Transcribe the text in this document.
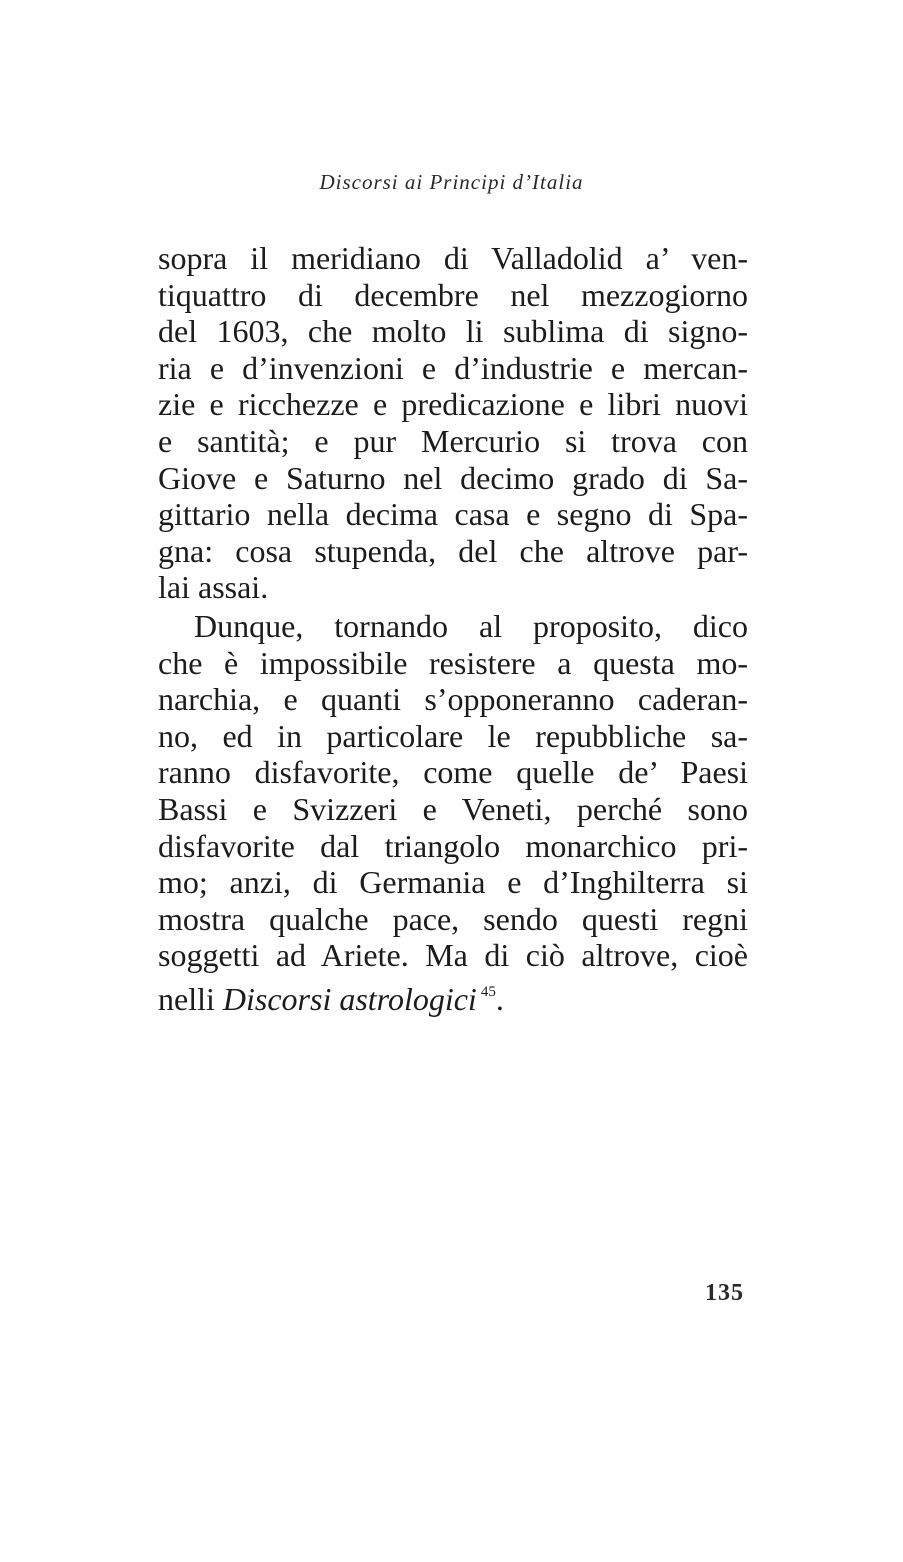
Discorsi ai Principi d’Italia
sopra il meridiano di Valladolid a’ ven-
tiquattro di decembre nel mezzogiorno
del 1603, che molto li sublima di signo-
ria e d’invenzioni e d’industrie e mercan-
zie e ricchezze e predicazione e libri nuovi
e santità; e pur Mercurio si trova con
Giove e Saturno nel decimo grado di Sa-
gittario nella decima casa e segno di Spa-
gna: cosa stupenda, del che altrove par-
lai assai.
Dunque, tornando al proposito, dico
che è impossibile resistere a questa mo-
narchia, e quanti s’opponeranno caderan-
no, ed in particolare le repubbliche sa-
ranno disfavorite, come quelle de’ Paesi
Bassi e Svizzeri e Veneti, perché sono
disfavorite dal triangolo monarchico pri-
mo; anzi, di Germania e d’Inghilterra si
mostra qualche pace, sendo questi regni
soggetti ad Ariete. Ma di ciò altrove, cioè
nelli Discorsi astrologici $^{45}$.
135
